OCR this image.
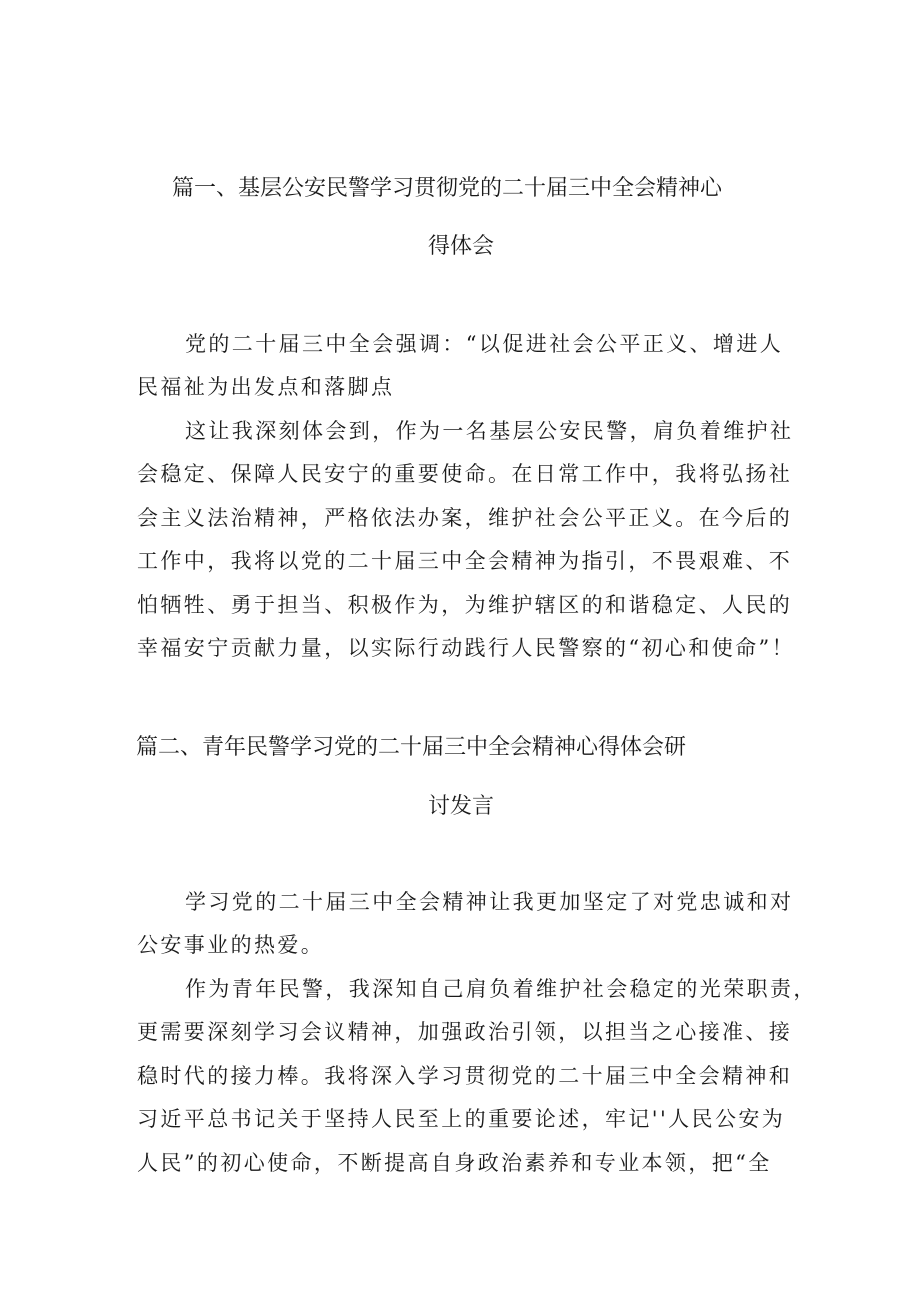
篇一、基层公安民警学习贯彻党的二十届三中全会精神心
得体会
党的二十届三中全会强调：“以促进社会公平正义、增进人
民福祉为出发点和落脚点
这让我深刻体会到，作为一名基层公安民警，肩负着维护社
会稳定、保障人民安宁的重要使命。在日常工作中，我将弘扬社
会主义法治精神，严格依法办案，维护社会公平正义。在今后的
工作中，我将以党的二十届三中全会精神为指引，不畏艰难、不
怕牺牲、勇于担当、积极作为，为维护辖区的和谐稳定、人民的
幸福安宁贡献力量，以实际行动践行人民警察的“初心和使命”！
篇二、青年民警学习党的二十届三中全会精神心得体会研
讨发言
学习党的二十届三中全会精神让我更加坚定了对党忠诚和对
公安事业的热爱。
作为青年民警，我深知自己肩负着维护社会稳定的光荣职责，
更需要深刻学习会议精神，加强政治引领，以担当之心接准、接
稳时代的接力棒。我将深入学习贯彻党的二十届三中全会精神和
习近平总书记关于坚持人民至上的重要论述，牢记''人民公安为
人民”的初心使命，不断提高自身政治素养和专业本领，把“全
